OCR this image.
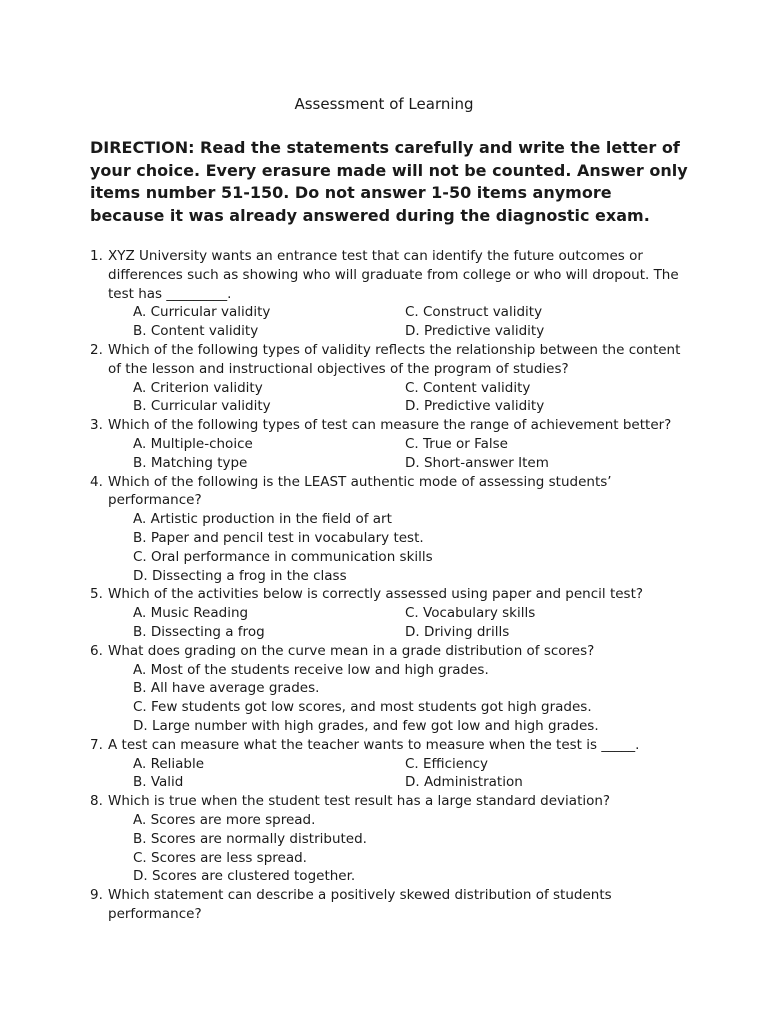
Assessment of Learning
DIRECTION: Read the statements carefully and write the letter of your choice. Every erasure made will not be counted. Answer only items number 51-150. Do not answer 1-50 items anymore because it was already answered during the diagnostic exam.
1. XYZ University wants an entrance test that can identify the future outcomes or differences such as showing who will graduate from college or who will dropout. The test has _________.
A. Curricular validity	C. Construct validity
B. Content validity	D. Predictive validity
2. Which of the following types of validity reflects the relationship between the content of the lesson and instructional objectives of the program of studies?
A. Criterion validity	C. Content validity
B. Curricular validity	D. Predictive validity
3. Which of the following types of test can measure the range of achievement better?
A. Multiple-choice	C. True or False
B. Matching type	D. Short-answer Item
4. Which of the following is the LEAST authentic mode of assessing students’ performance?
A. Artistic production in the field of art
B. Paper and pencil test in vocabulary test.
C. Oral performance in communication skills
D. Dissecting a frog in the class
5. Which of the activities below is correctly assessed using paper and pencil test?
A. Music Reading	C. Vocabulary skills
B. Dissecting a frog	D. Driving drills
6. What does grading on the curve mean in a grade distribution of scores?
A. Most of the students receive low and high grades.
B. All have average grades.
C. Few students got low scores, and most students got high grades.
D. Large number with high grades, and few got low and high grades.
7. A test can measure what the teacher wants to measure when the test is _____.
A. Reliable	C. Efficiency
B. Valid	D. Administration
8. Which is true when the student test result has a large standard deviation?
A. Scores are more spread.
B. Scores are normally distributed.
C. Scores are less spread.
D. Scores are clustered together.
9. Which statement can describe a positively skewed distribution of students performance?
